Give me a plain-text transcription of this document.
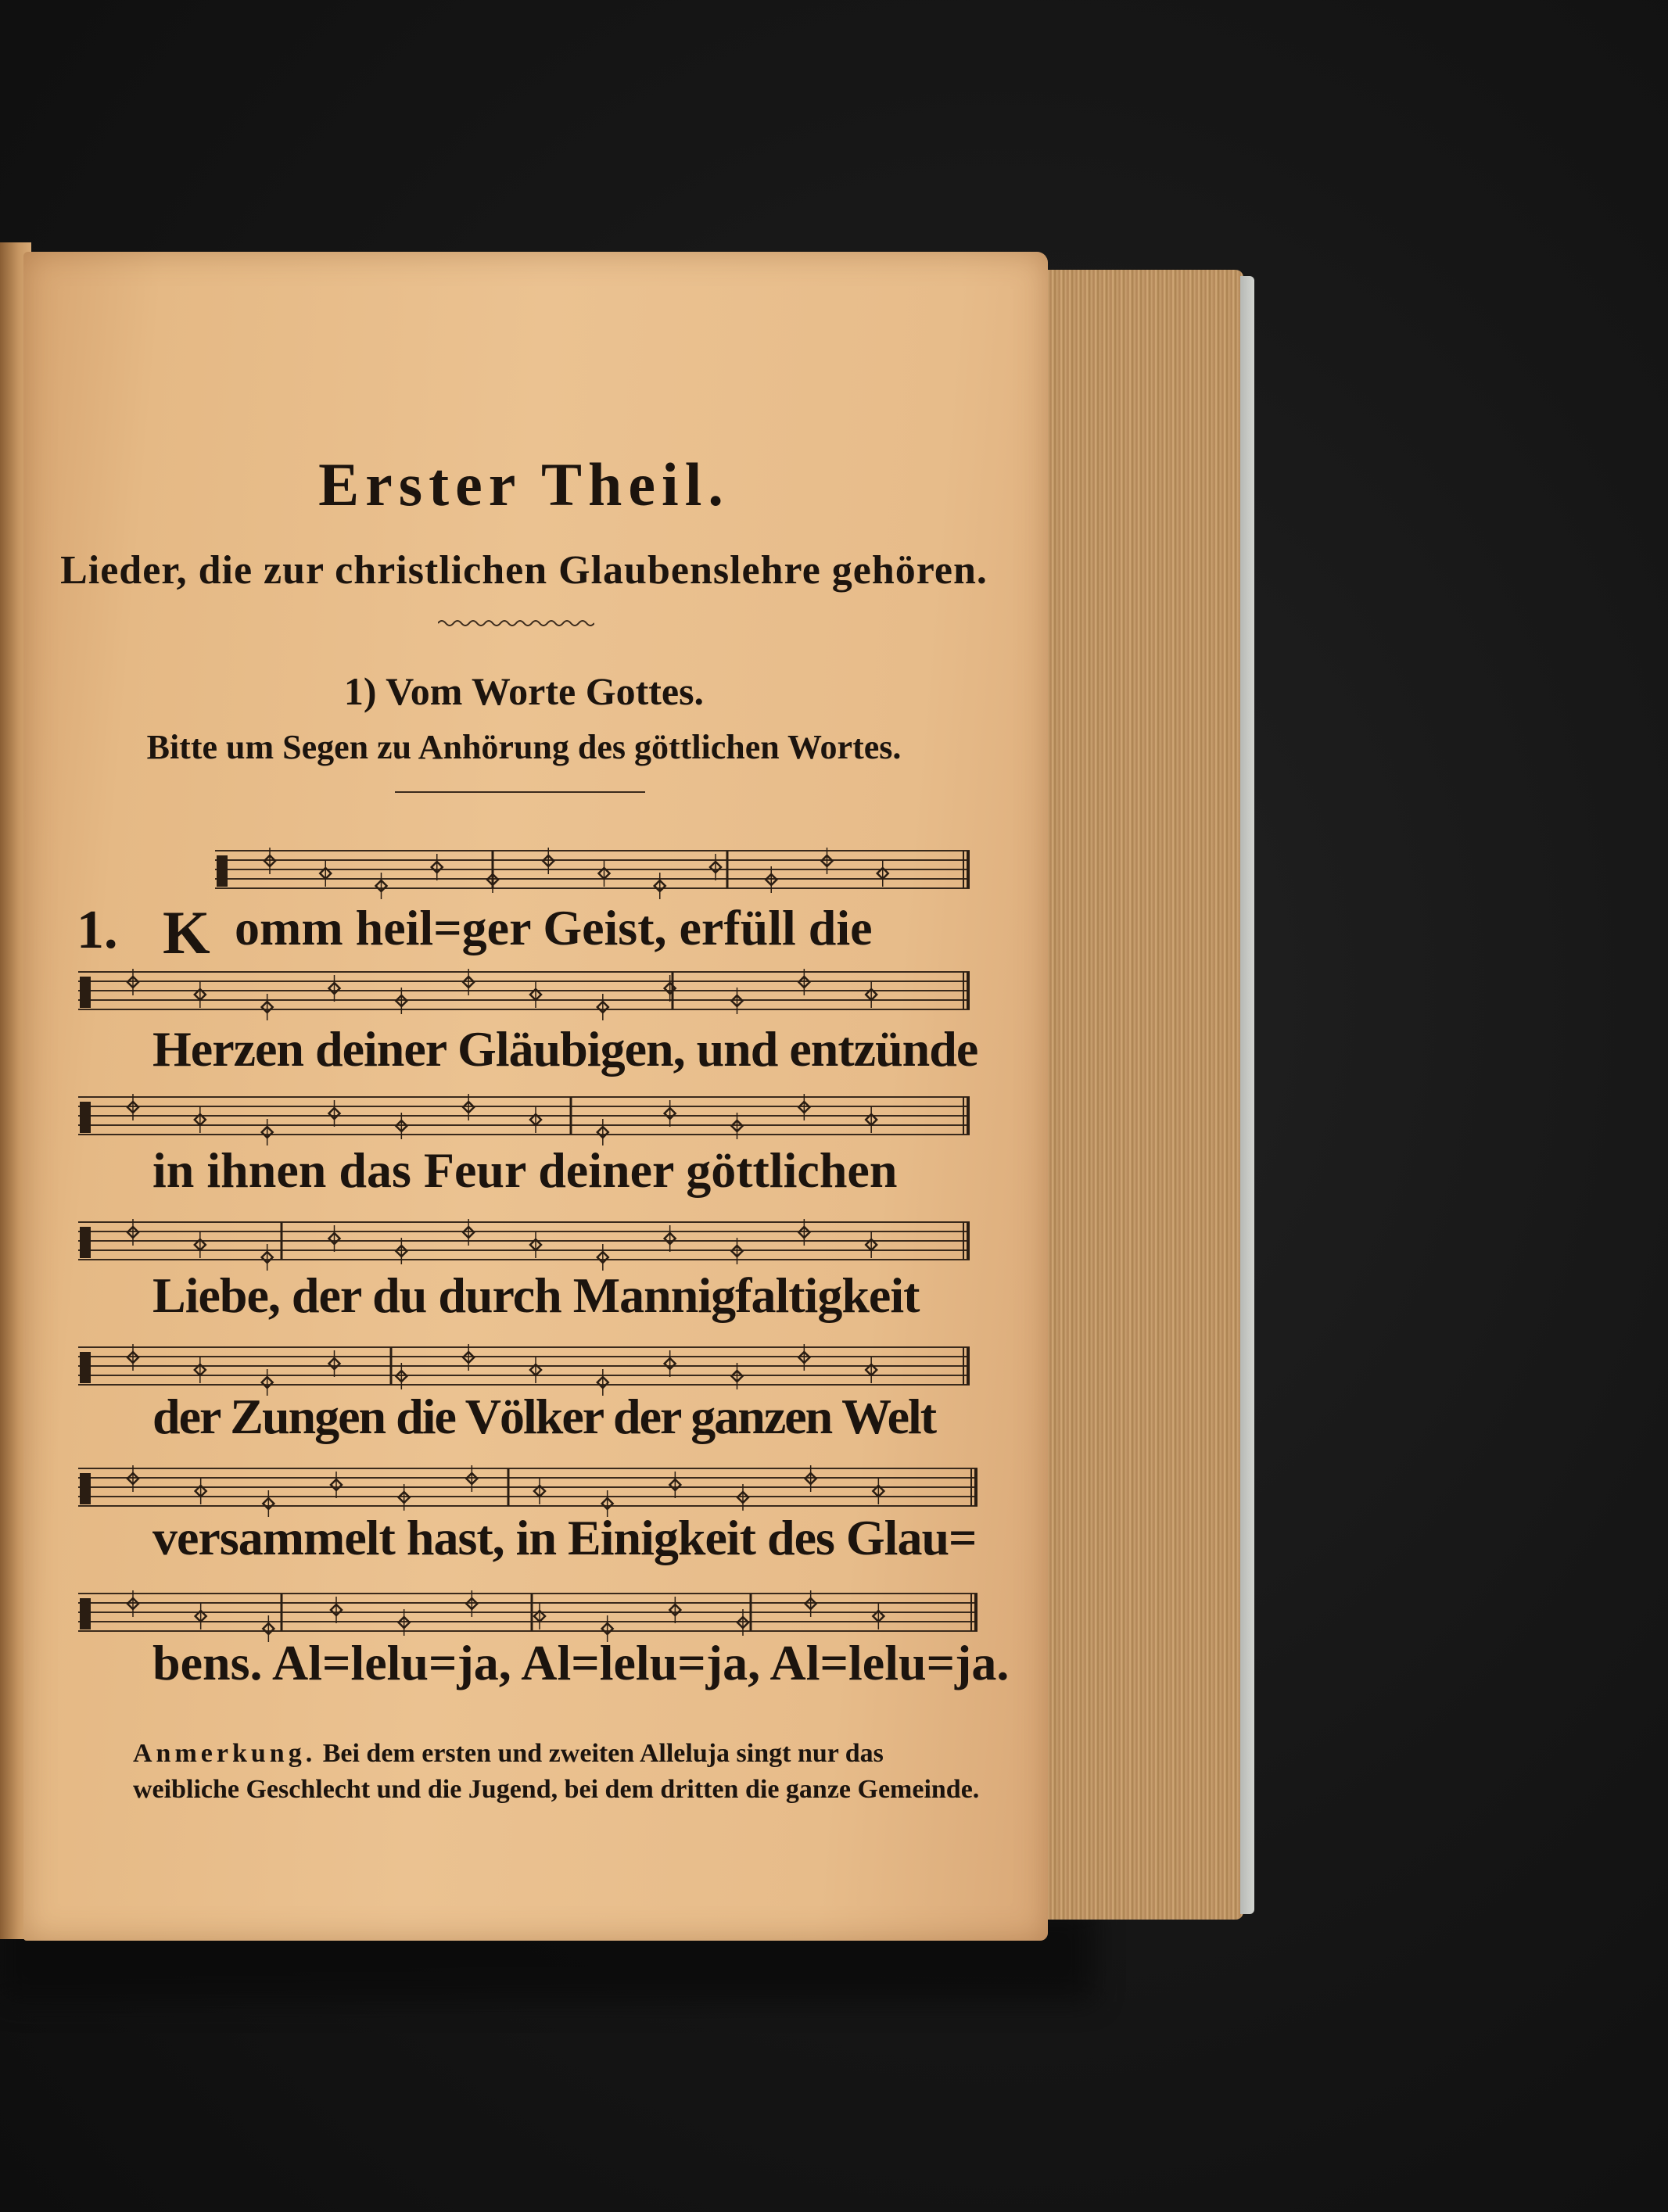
Erster Theil.
Lieder, die zur christlichen Glaubenslehre gehören.
1) Vom Worte Gottes.
Bitte um Segen zu Anhörung des göttlichen Wortes.
1. K omm heil=ger Geist, erfüll die
Herzen deiner Gläubigen, und entzünde
in ihnen das Feur deiner göttlichen
Liebe, der du durch Mannigfaltigkeit
der Zungen die Völker der ganzen Welt
versammelt hast, in Einigkeit des Glau=
bens. Al=lelu=ja, Al=lelu=ja, Al=lelu=ja.
Anmerkung. Bei dem ersten und zweiten Alleluja singt nur das weibliche Geschlecht und die Jugend, bei dem dritten die ganze Gemeinde.
